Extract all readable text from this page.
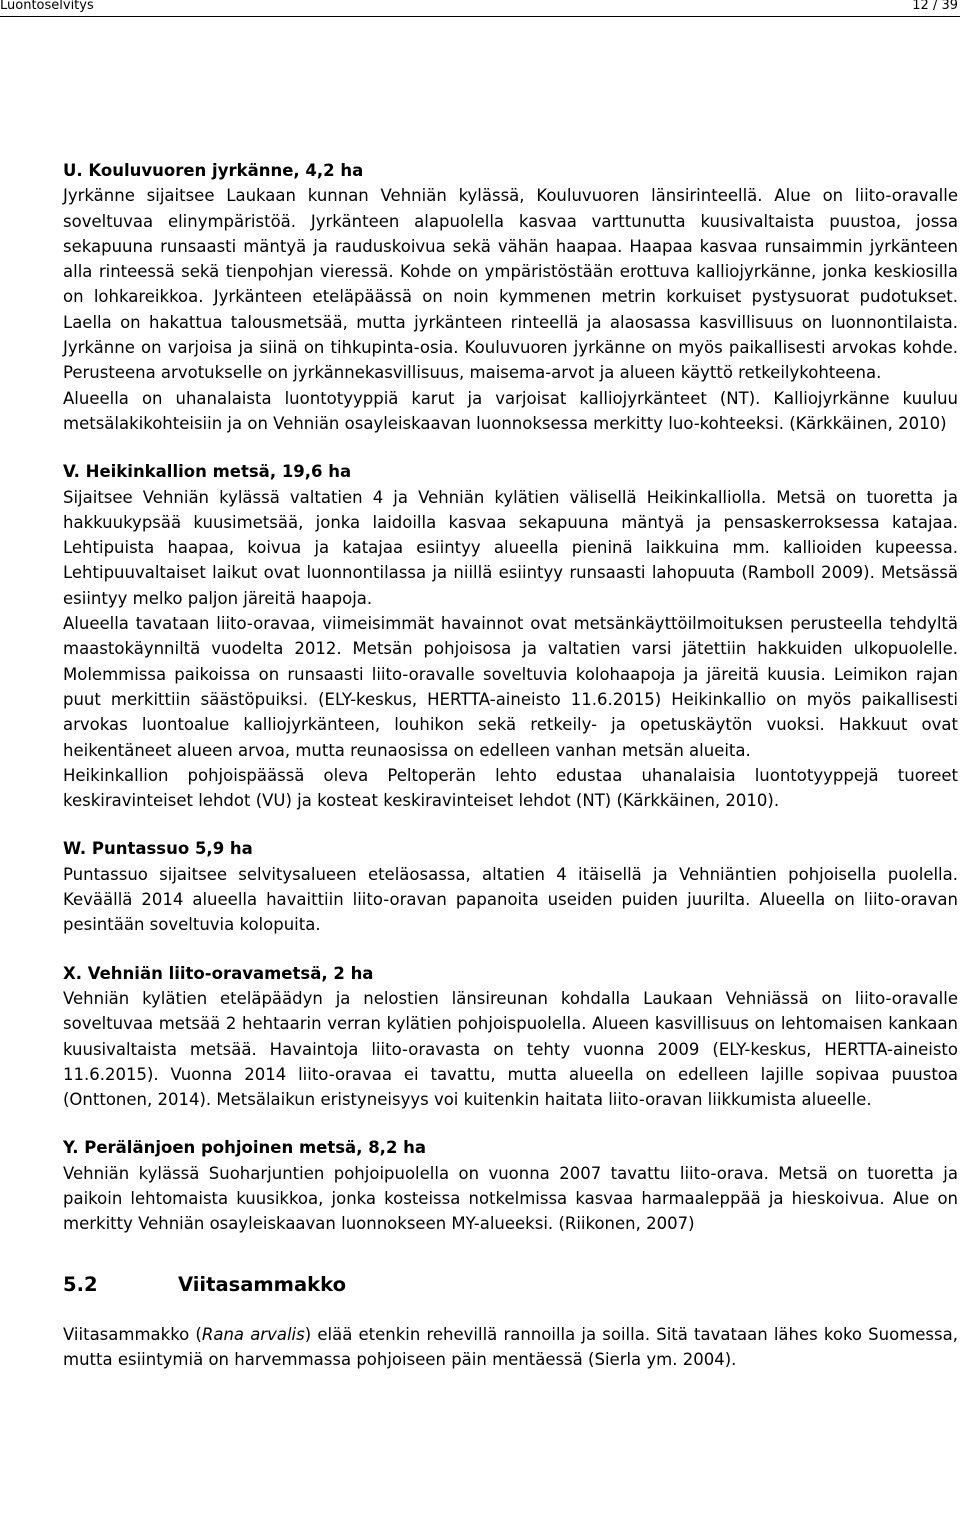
Luontoselvitys	12 / 39

U. Kouluvuoren jyrkänne, 4,2 ha

Jyrkänne sijaitsee Laukaan kunnan Vehniän kylässä, Kouluvuoren länsirinteellä. Alue on liito-oravalle soveltuvaa elinympäristöä. Jyrkänteen alapuolella kasvaa varttunutta kuusivaltaista puustoa, jossa sekapuuna runsaasti mäntyä ja rauduskoivua sekä vähän haapaa. Haapaa kasvaa runsaimmin jyrkänteen alla rinteessä sekä tienpohjan vieressä. Kohde on ympäristöstään erottuva kalliojyrkänne, jonka keskiosilla on lohkareikkoa. Jyrkänteen eteläpäässä on noin kymmenen metrin korkuiset pystysuorat pudotukset. Laella on hakattua talousmetsää, mutta jyrkänteen rinteellä ja alaosassa kasvillisuus on luonnontilaista. Jyrkänne on varjoisa ja siinä on tihkupinta-osia. Kouluvuoren jyrkänne on myös paikallisesti arvokas kohde. Perusteena arvotukselle on jyrkännekasvillisuus, maisema-arvot ja alueen käyttö retkeilykohteena.

Alueella on uhanalaista luontotyyppiä karut ja varjoisat kalliojyrkänteet (NT). Kalliojyrkänne kuuluu metsälakikohteisiin ja on Vehniän osayleiskaavan luonnoksessa merkitty luo-kohteeksi. (Kärkkäinen, 2010)

V. Heikinkallion metsä, 19,6 ha

Sijaitsee Vehniän kylässä valtatien 4 ja Vehniän kylätien välisellä Heikinkalliolla. Metsä on tuoretta ja hakkuukypsää kuusimetsää, jonka laidoilla kasvaa sekapuuna mäntyä ja pensaskerroksessa katajaa. Lehtipuista haapaa, koivua ja katajaa esiintyy alueella pieninä laikkuina mm. kallioiden kupeessa. Lehtipuuvaltaiset laikut ovat luonnontilassa ja niillä esiintyy runsaasti lahopuuta (Ramboll 2009). Metsässä esiintyy melko paljon järeitä haapoja.

Alueella tavataan liito-oravaa, viimeisimmät havainnot ovat metsänkäyttöilmoituksen perusteella tehdyltä maastokäynniltä vuodelta 2012. Metsän pohjoisosa ja valtatien varsi jätettiin hakkuiden ulkopuolelle. Molemmissa paikoissa on runsaasti liito-oravalle soveltuvia kolohaapoja ja järeitä kuusia. Leimikon rajan puut merkittiin säästöpuiksi. (ELY-keskus, HERTTA-aineisto 11.6.2015) Heikinkallio on myös paikallisesti arvokas luontoalue kalliojyrkänteen, louhikon sekä retkeily- ja opetuskäytön vuoksi. Hakkuut ovat heikentäneet alueen arvoa, mutta reunaosissa on edelleen vanhan metsän alueita.

Heikinkallion pohjoispäässä oleva Peltoperän lehto edustaa uhanalaisia luontotyyppejä tuoreet keskiravinteiset lehdot (VU) ja kosteat keskiravinteiset lehdot (NT) (Kärkkäinen, 2010).

W. Puntassuo 5,9 ha

Puntassuo sijaitsee selvitysalueen eteläosassa, altatien 4 itäisellä ja Vehniäntien pohjoisella puolella. Keväällä 2014 alueella havaittiin liito-oravan papanoita useiden puiden juurilta. Alueella on liito-oravan pesintään soveltuvia kolopuita.

X. Vehniän liito-oravametsä, 2 ha

Vehniän kylätien eteläpäädyn ja nelostien länsireunan kohdalla Laukaan Vehniässä on liito-oravalle soveltuvaa metsää 2 hehtaarin verran kylätien pohjoispuolella. Alueen kasvillisuus on lehtomaisen kankaan kuusivaltaista metsää. Havaintoja liito-oravasta on tehty vuonna 2009 (ELY-keskus, HERTTA-aineisto 11.6.2015). Vuonna 2014 liito-oravaa ei tavattu, mutta alueella on edelleen lajille sopivaa puustoa (Onttonen, 2014). Metsälaikun eristyneisyys voi kuitenkin haitata liito-oravan liikkumista alueelle.

Y. Perälänjoen pohjoinen metsä, 8,2 ha

Vehniän kylässä Suoharjuntien pohjoipuolella on vuonna 2007 tavattu liito-orava. Metsä on tuoretta ja paikoin lehtomaista kuusikkoa, jonka kosteissa notkelmissa kasvaa harmaaleppää ja hieskoivua. Alue on merkitty Vehniän osayleiskaavan luonnokseen MY-alueeksi. (Riikonen, 2007)

5.2	Viitasammakko

Viitasammakko (Rana arvalis) elää etenkin rehevillä rannoilla ja soilla. Sitä tavataan lähes koko Suomessa, mutta esiintymiä on harvemmassa pohjoiseen päin mentäessä (Sierla ym. 2004).
